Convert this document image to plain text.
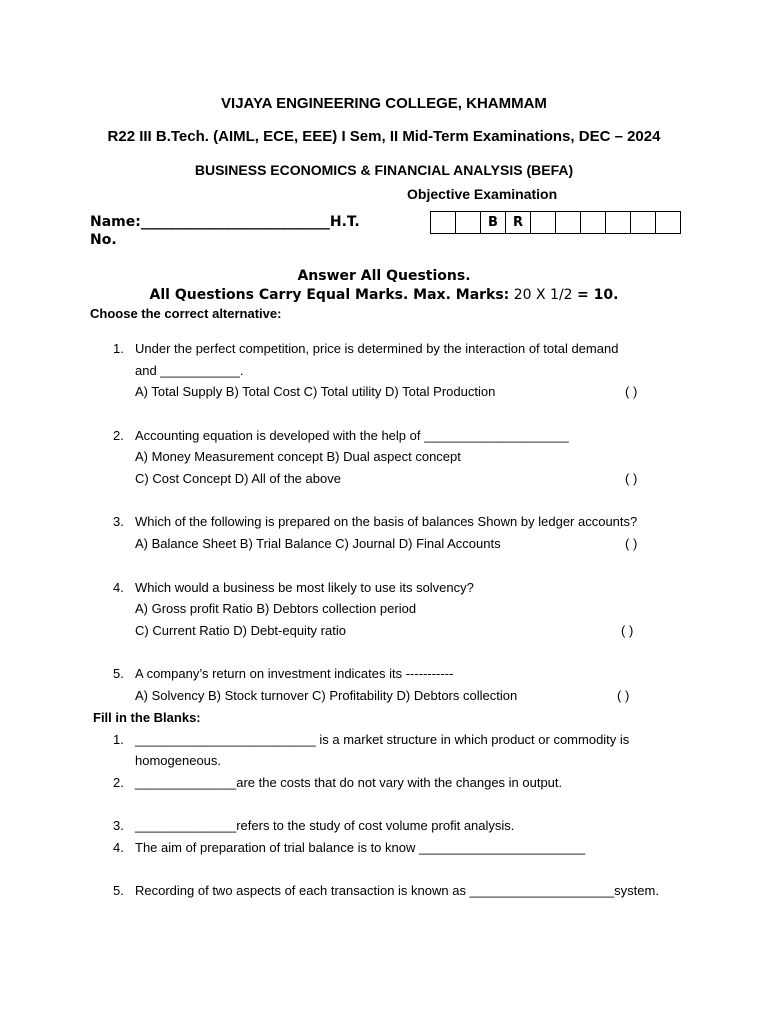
VIJAYA ENGINEERING COLLEGE, KHAMMAM
R22 III B.Tech. (AIML, ECE, EEE) I Sem, II Mid-Term Examinations, DEC – 2024
BUSINESS ECONOMICS & FINANCIAL ANALYSIS (BEFA)
Objective Examination
Name:___________________________H.T.
No.
		B	R						
Answer All Questions.
All Questions Carry Equal Marks. Max. Marks: 20 X 1/2 = 10.
Choose the correct alternative:
1. Under the perfect competition, price is determined by the interaction of total demand
and ___________.
A) Total Supply B) Total Cost C) Total utility D) Total Production	( )
2. Accounting equation is developed with the help of ____________________
A) Money Measurement concept B) Dual aspect concept
C) Cost Concept D) All of the above	( )
3. Which of the following is prepared on the basis of balances Shown by ledger accounts?
A) Balance Sheet B) Trial Balance C) Journal D) Final Accounts	( )
4. Which would a business be most likely to use its solvency?
A) Gross profit Ratio B) Debtors collection period
C) Current Ratio D) Debt-equity ratio	( )
5. A company’s return on investment indicates its -----------
A) Solvency B) Stock turnover C) Profitability D) Debtors collection	( )
Fill in the Blanks:
1. _________________________ is a market structure in which product or commodity is
homogeneous.
2. ______________are the costs that do not vary with the changes in output.
3. ______________refers to the study of cost volume profit analysis.
4. The aim of preparation of trial balance is to know _______________________
5. Recording of two aspects of each transaction is known as ____________________system.
